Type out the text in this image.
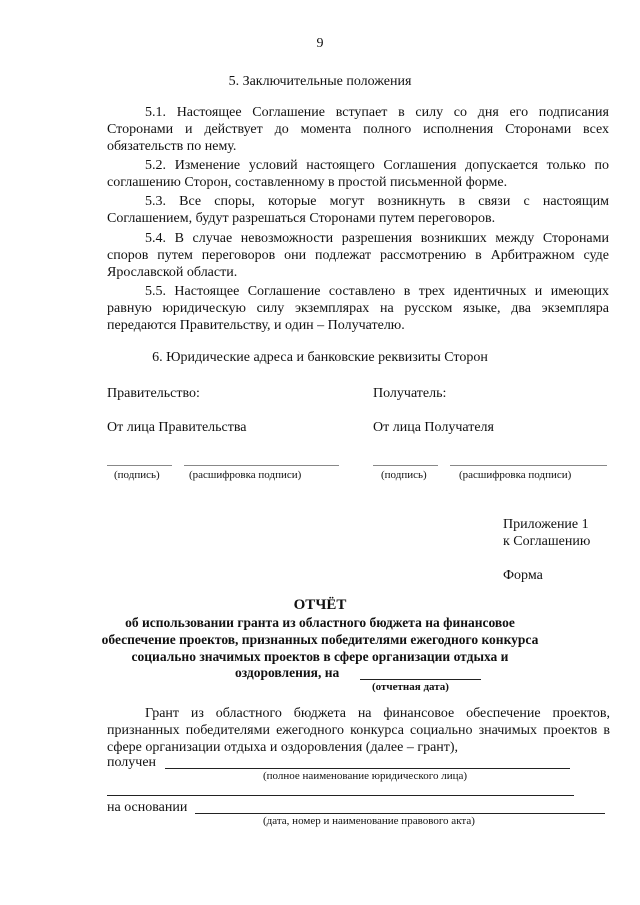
9
5. Заключительные положения
5.1. Настоящее Соглашение вступает в силу со дня его подписания Сторонами и действует до момента полного исполнения Сторонами всех обязательств по нему.
5.2. Изменение условий настоящего Соглашения допускается только по соглашению Сторон, составленному в простой письменной форме.
5.3. Все споры, которые могут возникнуть в связи с настоящим Соглашением, будут разрешаться Сторонами путем переговоров.
5.4. В случае невозможности разрешения возникших между Сторонами споров путем переговоров они подлежат рассмотрению в Арбитражном суде Ярославской области.
5.5. Настоящее Соглашение составлено в трех идентичных и имеющих равную юридическую силу экземплярах на русском языке, два экземпляра передаются Правительству, и один – Получателю.
6. Юридические адреса и банковские реквизиты Сторон
Правительство:	Получатель:
От лица Правительства	От лица Получателя
(подпись)	(расшифровка подписи)	(подпись)	(расшифровка подписи)
Приложение 1
к Соглашению
Форма
ОТЧЁТ
об использовании гранта из областного бюджета на финансовое
обеспечение проектов, признанных победителями ежегодного конкурса
социально значимых проектов в сфере организации отдыха и
оздоровления, на
(отчетная дата)
Грант из областного бюджета на финансовое обеспечение проектов, признанных победителями ежегодного конкурса социально значимых проектов в сфере организации отдыха и оздоровления (далее – грант),
получен
(полное наименование юридического лица)
на основании
(дата, номер и наименование правового акта)
